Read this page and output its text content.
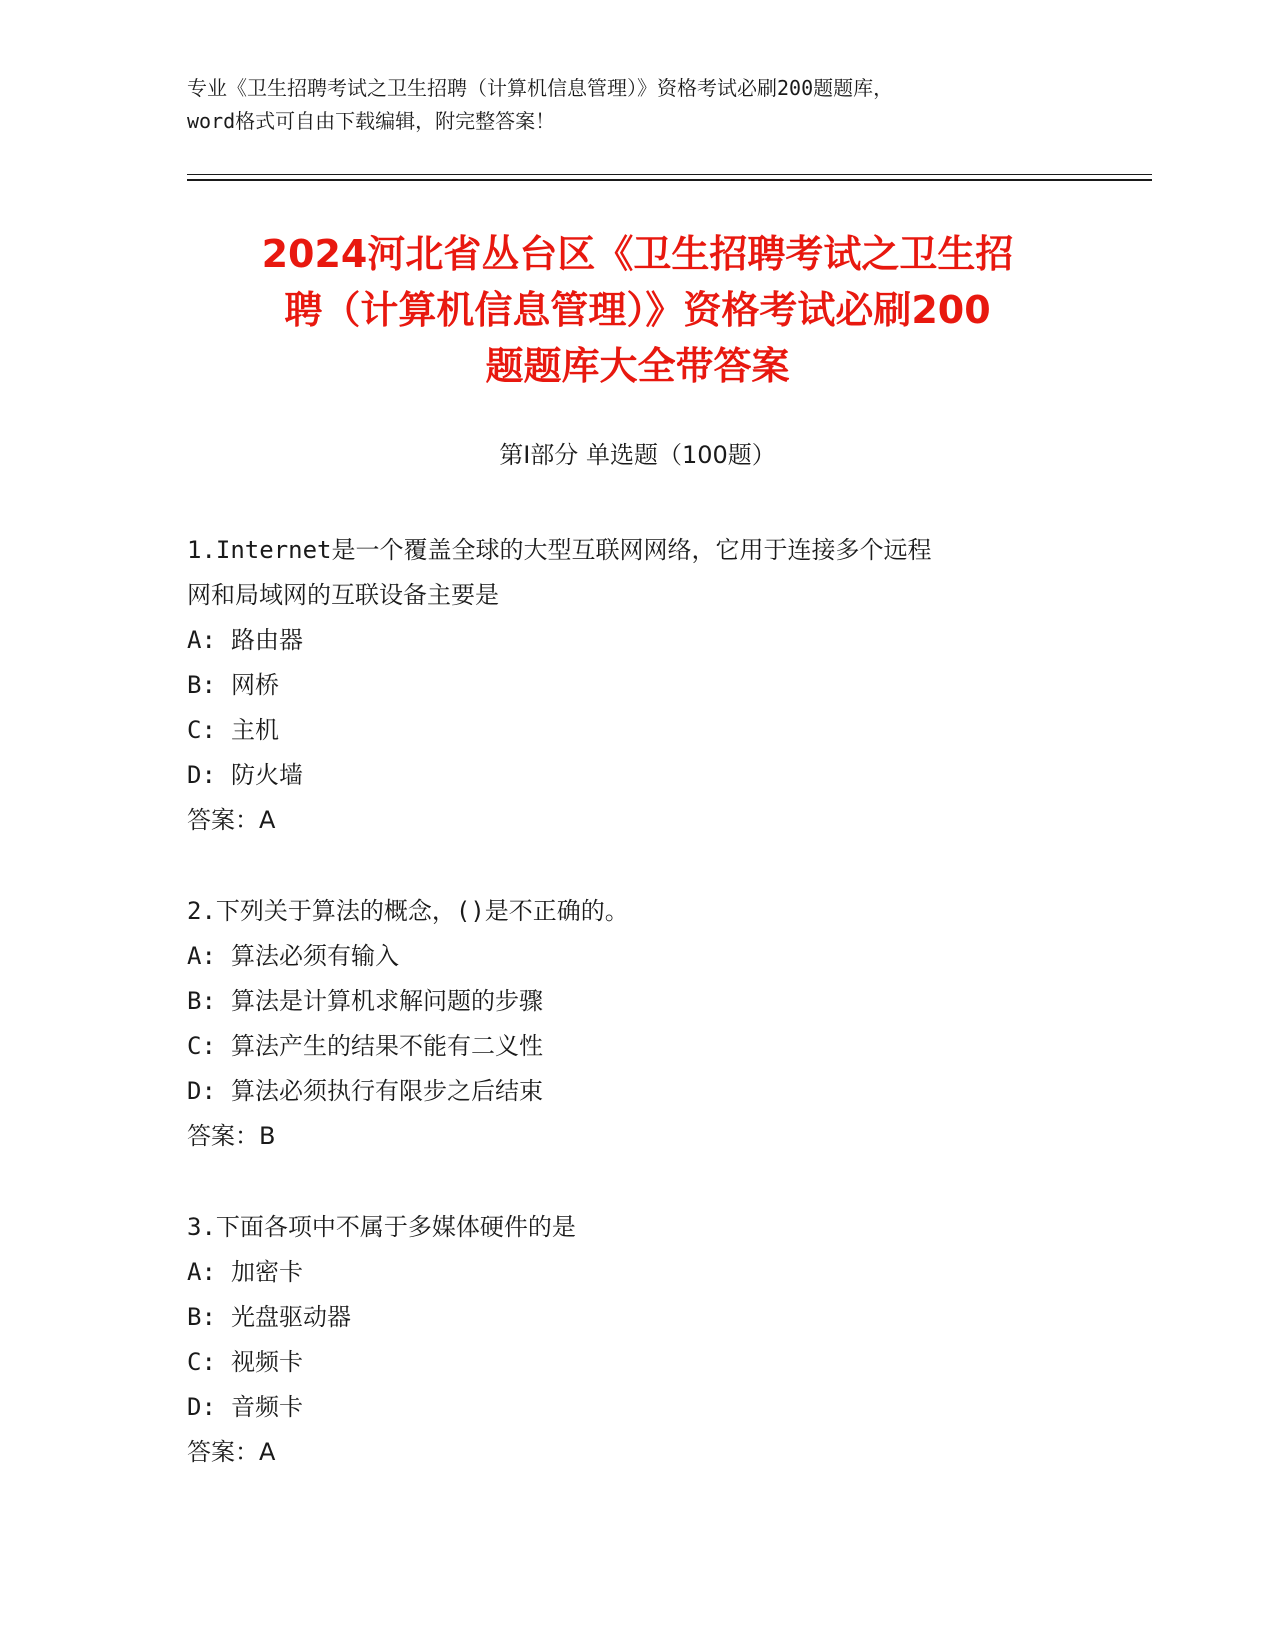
专业《卫生招聘考试之卫生招聘（计算机信息管理）》资格考试必刷200题题库，
word格式可自由下载编辑，附完整答案！
2024河北省丛台区《卫生招聘考试之卫生招
聘（计算机信息管理）》资格考试必刷200
题题库大全带答案
第Ⅰ部分 单选题（100题）
1.Internet是一个覆盖全球的大型互联网网络，它用于连接多个远程
网和局域网的互联设备主要是
A: 路由器
B: 网桥
C: 主机
D: 防火墙
答案：A
2.下列关于算法的概念，()是不正确的。
A: 算法必须有输入
B: 算法是计算机求解问题的步骤
C: 算法产生的结果不能有二义性
D: 算法必须执行有限步之后结束
答案：B
3.下面各项中不属于多媒体硬件的是
A: 加密卡
B: 光盘驱动器
C: 视频卡
D: 音频卡
答案：A
